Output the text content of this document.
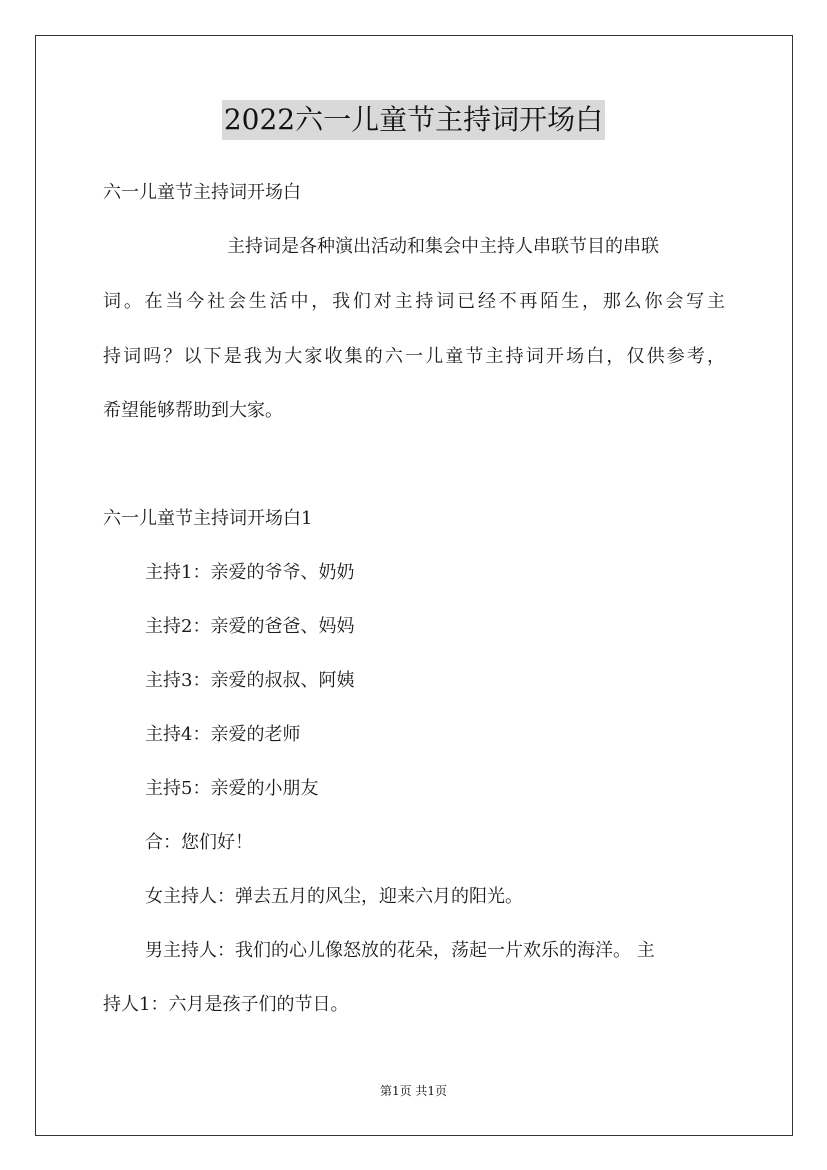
2022六一儿童节主持词开场白
六一儿童节主持词开场白
主持词是各种演出活动和集会中主持人串联节目的串联
词。在当今社会生活中，我们对主持词已经不再陌生，那么你会写主
持词吗？以下是我为大家收集的六一儿童节主持词开场白，仅供参考，
希望能够帮助到大家。
六一儿童节主持词开场白1
主持1：亲爱的爷爷、奶奶
主持2：亲爱的爸爸、妈妈
主持3：亲爱的叔叔、阿姨
主持4：亲爱的老师
主持5：亲爱的小朋友
合：您们好！
女主持人：弹去五月的风尘，迎来六月的阳光。
男主持人：我们的心儿像怒放的花朵，荡起一片欢乐的海洋。 主
持人1：六月是孩子们的节日。
第1页 共1页
